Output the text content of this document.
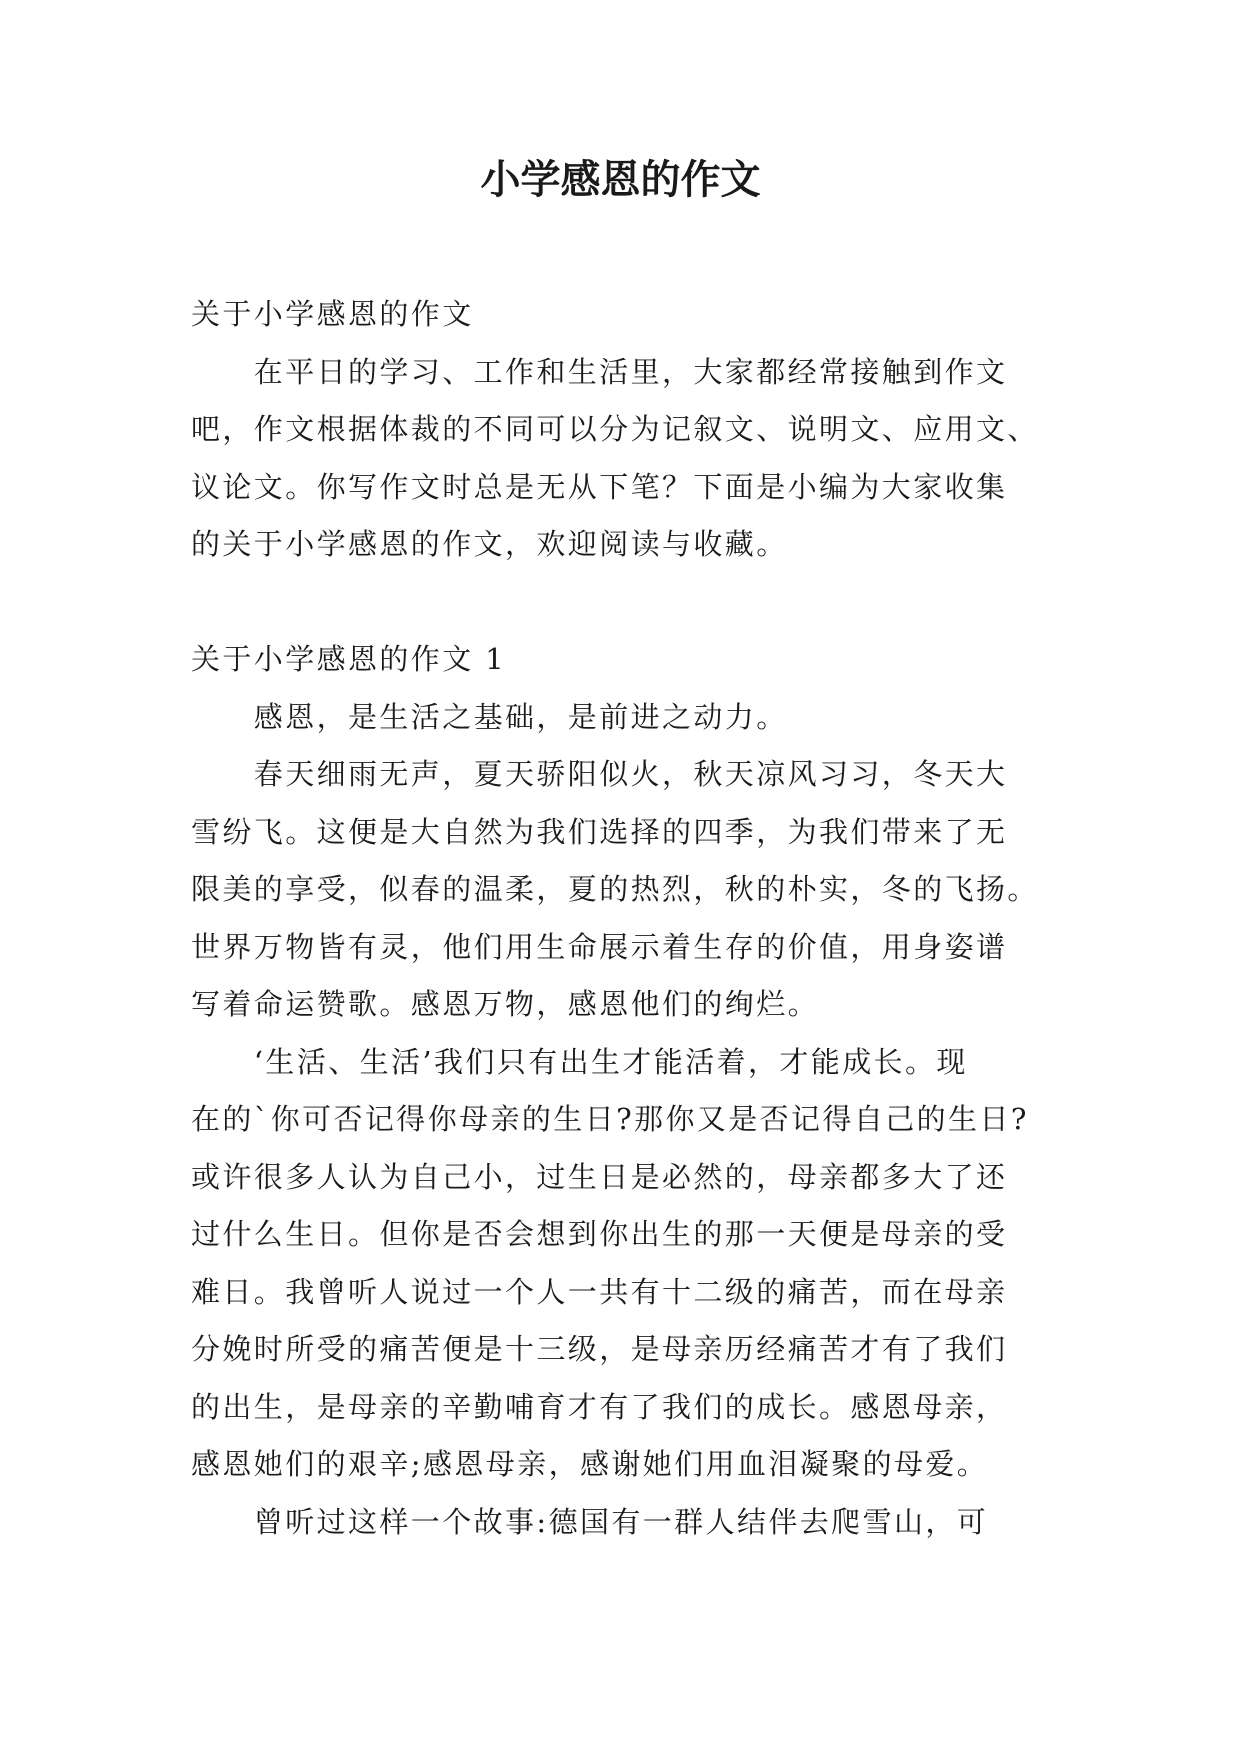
小学感恩的作文
关于小学感恩的作文
　　在平日的学习、工作和生活里，大家都经常接触到作文
吧，作文根据体裁的不同可以分为记叙文、说明文、应用文、
议论文。你写作文时总是无从下笔？下面是小编为大家收集
的关于小学感恩的作文，欢迎阅读与收藏。
关于小学感恩的作文 1
　　感恩，是生活之基础，是前进之动力。
　　春天细雨无声，夏天骄阳似火，秋天凉风习习，冬天大
雪纷飞。这便是大自然为我们选择的四季，为我们带来了无
限美的享受，似春的温柔，夏的热烈，秋的朴实，冬的飞扬。
世界万物皆有灵，他们用生命展示着生存的价值，用身姿谱
写着命运赞歌。感恩万物，感恩他们的绚烂。
　　‘生活、生活’我们只有出生才能活着，才能成长。现
在的`你可否记得你母亲的生日?那你又是否记得自己的生日?
或许很多人认为自己小，过生日是必然的，母亲都多大了还
过什么生日。但你是否会想到你出生的那一天便是母亲的受
难日。我曾听人说过一个人一共有十二级的痛苦，而在母亲
分娩时所受的痛苦便是十三级，是母亲历经痛苦才有了我们
的出生，是母亲的辛勤哺育才有了我们的成长。感恩母亲，
感恩她们的艰辛;感恩母亲，感谢她们用血泪凝聚的母爱。
　　曾听过这样一个故事:德国有一群人结伴去爬雪山，可
